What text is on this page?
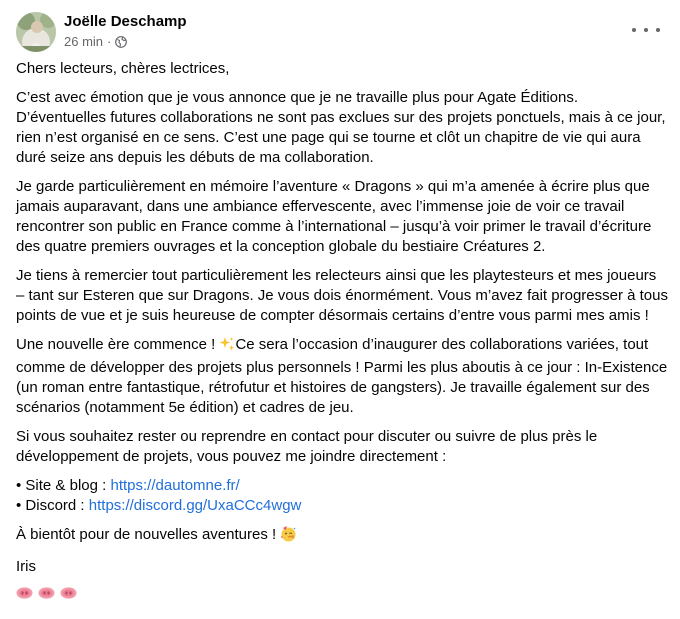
Joëlle Deschamp
26 min ·

Chers lecteurs, chères lectrices,

C’est avec émotion que je vous annonce que je ne travaille plus pour Agate Éditions. D’éventuelles futures collaborations ne sont pas exclues sur des projets ponctuels, mais à ce jour, rien n’est organisé en ce sens. C’est une page qui se tourne et clôt un chapitre de vie qui aura duré seize ans depuis les débuts de ma collaboration.

Je garde particulièrement en mémoire l’aventure « Dragons » qui m’a amenée à écrire plus que jamais auparavant, dans une ambiance effervescente, avec l’immense joie de voir ce travail rencontrer son public en France comme à l’international – jusqu’à voir primer le travail d’écriture des quatre premiers ouvrages et la conception globale du bestiaire Créatures 2.

Je tiens à remercier tout particulièrement les relecteurs ainsi que les playtesteurs et mes joueurs – tant sur Esteren que sur Dragons. Je vous dois énormément. Vous m’avez fait progresser à tous points de vue et je suis heureuse de compter désormais certains d’entre vous parmi mes amis !

Une nouvelle ère commence ! Ce sera l’occasion d’inaugurer des collaborations variées, tout comme de développer des projets plus personnels ! Parmi les plus aboutis à ce jour : In-Existence (un roman entre fantastique, rétrofutur et histoires de gangsters). Je travaille également sur des scénarios (notamment 5e édition) et cadres de jeu.

Si vous souhaitez rester ou reprendre en contact pour discuter ou suivre de plus près le développement de projets, vous pouvez me joindre directement :

• Site & blog : https://dautomne.fr/
• Discord : https://discord.gg/UxaCCc4wgw

À bientôt pour de nouvelles aventures !

Iris
